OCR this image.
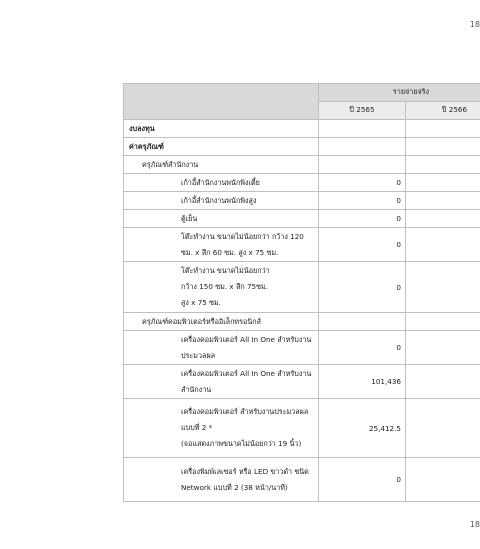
18
	รายจ่ายจริง	
	ปี 2565	ปี 2566

งบลงทุน		

ค่าครุภัณฑ์		

ครุภัณฑ์สำนักงาน		

เก้าอี้สำนักงานพนักพิงเตี้ย	0	

เก้าอี้สำนักงานพนักพิงสูง	0	

ตู้เย็น	0	

โต๊ะทำงาน ขนาดไม่น้อยกว่า กว้าง 120
ซม. x ลึก 60 ซม. สูง x 75 ซม.	0	

โต๊ะทำงาน ขนาดไม่น้อยกว่า
กว้าง 150 ซม. x ลึก 75ซม.
สูง x 75 ซม.	0	

ครุภัณฑ์คอมพิวเตอร์หรืออิเล็กทรอนิกส์		

เครื่องคอมพิวเตอร์ All In One สำหรับงาน
ประมวลผล	0	

เครื่องคอมพิวเตอร์ All In One สำหรับงาน
สำนักงาน	101,436	

เครื่องคอมพิวเตอร์ สำหรับงานประมวลผล
แบบที่ 2 *
(จอแสดงภาพขนาดไม่น้อยกว่า 19 นิ้ว)	25,412.5	

เครื่องพิมพ์เลเซอร์ หรือ LED ขาวดำ ชนิด
Network แบบที่ 2 (38 หน้า/นาที)	0	
18
